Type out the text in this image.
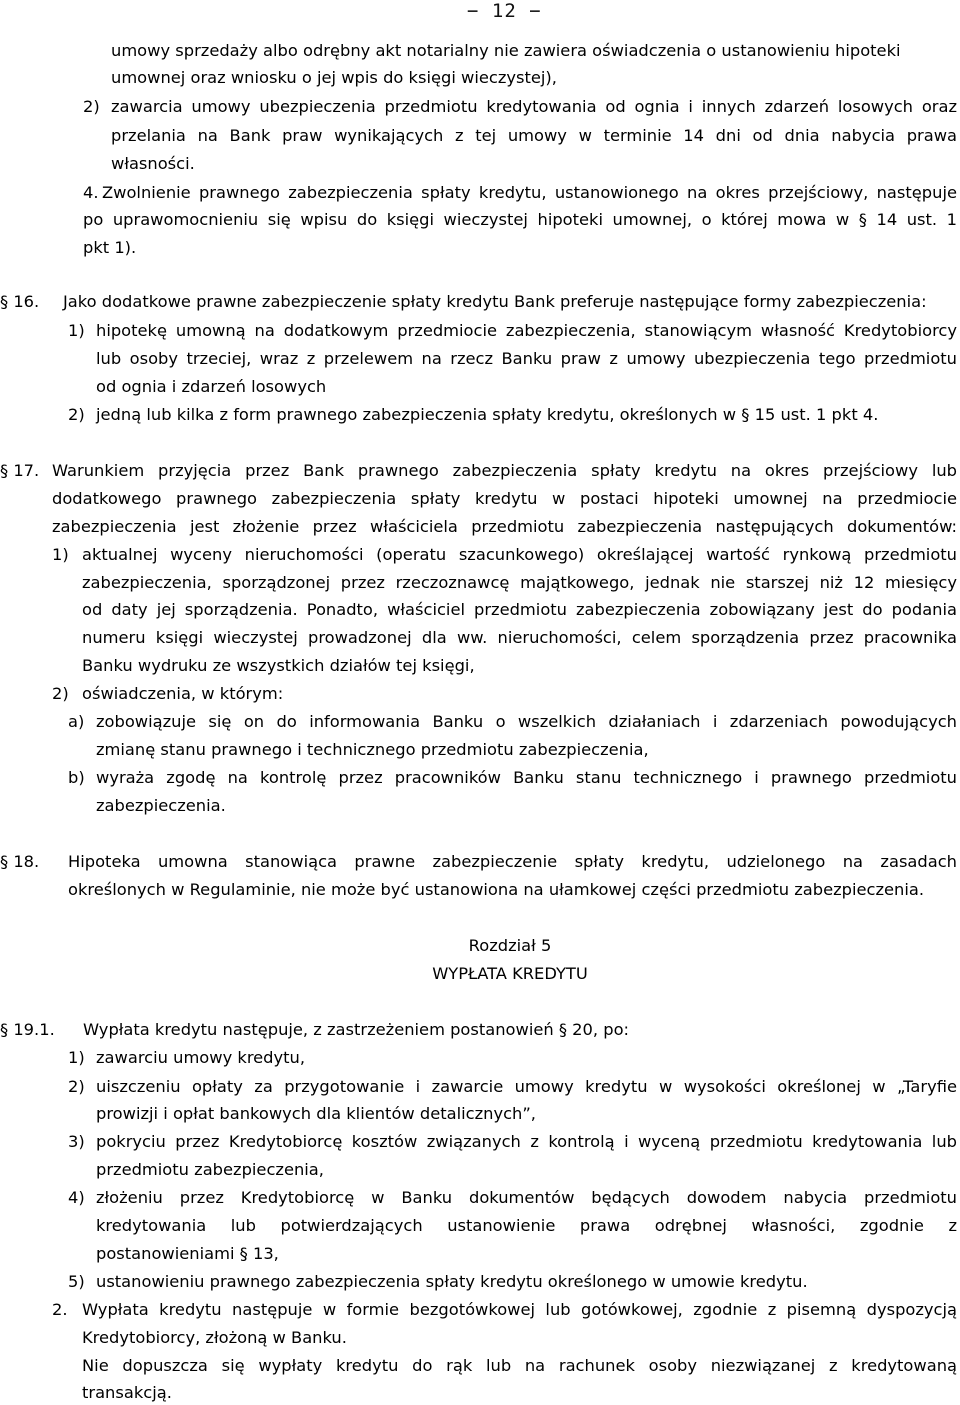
− 12 −
umowy sprzedaży albo odrębny akt notarialny nie zawiera oświadczenia o ustanowieniu hipoteki
umownej oraz wniosku o jej wpis do księgi wieczystej),
2) zawarcia umowy ubezpieczenia przedmiotu kredytowania od ognia i innych zdarzeń losowych oraz
przelania na Bank praw wynikających z tej umowy w terminie 14 dni od dnia nabycia prawa
własności.
4. Zwolnienie prawnego zabezpieczenia spłaty kredytu, ustanowionego na okres przejściowy, następuje
po uprawomocnieniu się wpisu do księgi wieczystej hipoteki umownej, o której mowa w § 14 ust. 1
pkt 1).
§ 16. Jako dodatkowe prawne zabezpieczenie spłaty kredytu Bank preferuje następujące formy zabezpieczenia:
1) hipotekę umowną na dodatkowym przedmiocie zabezpieczenia, stanowiącym własność Kredytobiorcy
lub osoby trzeciej, wraz z przelewem na rzecz Banku praw z umowy ubezpieczenia tego przedmiotu
od ognia i zdarzeń losowych
2) jedną lub kilka z form prawnego zabezpieczenia spłaty kredytu, określonych w § 15 ust. 1 pkt 4.
§ 17. Warunkiem przyjęcia przez Bank prawnego zabezpieczenia spłaty kredytu na okres przejściowy lub
dodatkowego prawnego zabezpieczenia spłaty kredytu w postaci hipoteki umownej na przedmiocie
zabezpieczenia jest złożenie przez właściciela przedmiotu zabezpieczenia następujących dokumentów:
1) aktualnej wyceny nieruchomości (operatu szacunkowego) określającej wartość rynkową przedmiotu
zabezpieczenia, sporządzonej przez rzeczoznawcę majątkowego, jednak nie starszej niż 12 miesięcy
od daty jej sporządzenia. Ponadto, właściciel przedmiotu zabezpieczenia zobowiązany jest do podania
numeru księgi wieczystej prowadzonej dla ww. nieruchomości, celem sporządzenia przez pracownika
Banku wydruku ze wszystkich działów tej księgi,
2) oświadczenia, w którym:
a) zobowiązuje się on do informowania Banku o wszelkich działaniach i zdarzeniach powodujących
zmianę stanu prawnego i technicznego przedmiotu zabezpieczenia,
b) wyraża zgodę na kontrolę przez pracowników Banku stanu technicznego i prawnego przedmiotu
zabezpieczenia.
§ 18. Hipoteka umowna stanowiąca prawne zabezpieczenie spłaty kredytu, udzielonego na zasadach
określonych w Regulaminie, nie może być ustanowiona na ułamkowej części przedmiotu zabezpieczenia.
Rozdział 5
WYPŁATA KREDYTU
§ 19.1. Wypłata kredytu następuje, z zastrzeżeniem postanowień § 20, po:
1) zawarciu umowy kredytu,
2) uiszczeniu opłaty za przygotowanie i zawarcie umowy kredytu w wysokości określonej w „Taryfie
prowizji i opłat bankowych dla klientów detalicznych”,
3) pokryciu przez Kredytobiorcę kosztów związanych z kontrolą i wyceną przedmiotu kredytowania lub
przedmiotu zabezpieczenia,
4) złożeniu przez Kredytobiorcę w Banku dokumentów będących dowodem nabycia przedmiotu
kredytowania lub potwierdzających ustanowienie prawa odrębnej własności, zgodnie z
postanowieniami § 13,
5) ustanowieniu prawnego zabezpieczenia spłaty kredytu określonego w umowie kredytu.
2. Wypłata kredytu następuje w formie bezgotówkowej lub gotówkowej, zgodnie z pisemną dyspozycją
Kredytobiorcy, złożoną w Banku.
Nie dopuszcza się wypłaty kredytu do rąk lub na rachunek osoby niezwiązanej z kredytowaną
transakcją.
